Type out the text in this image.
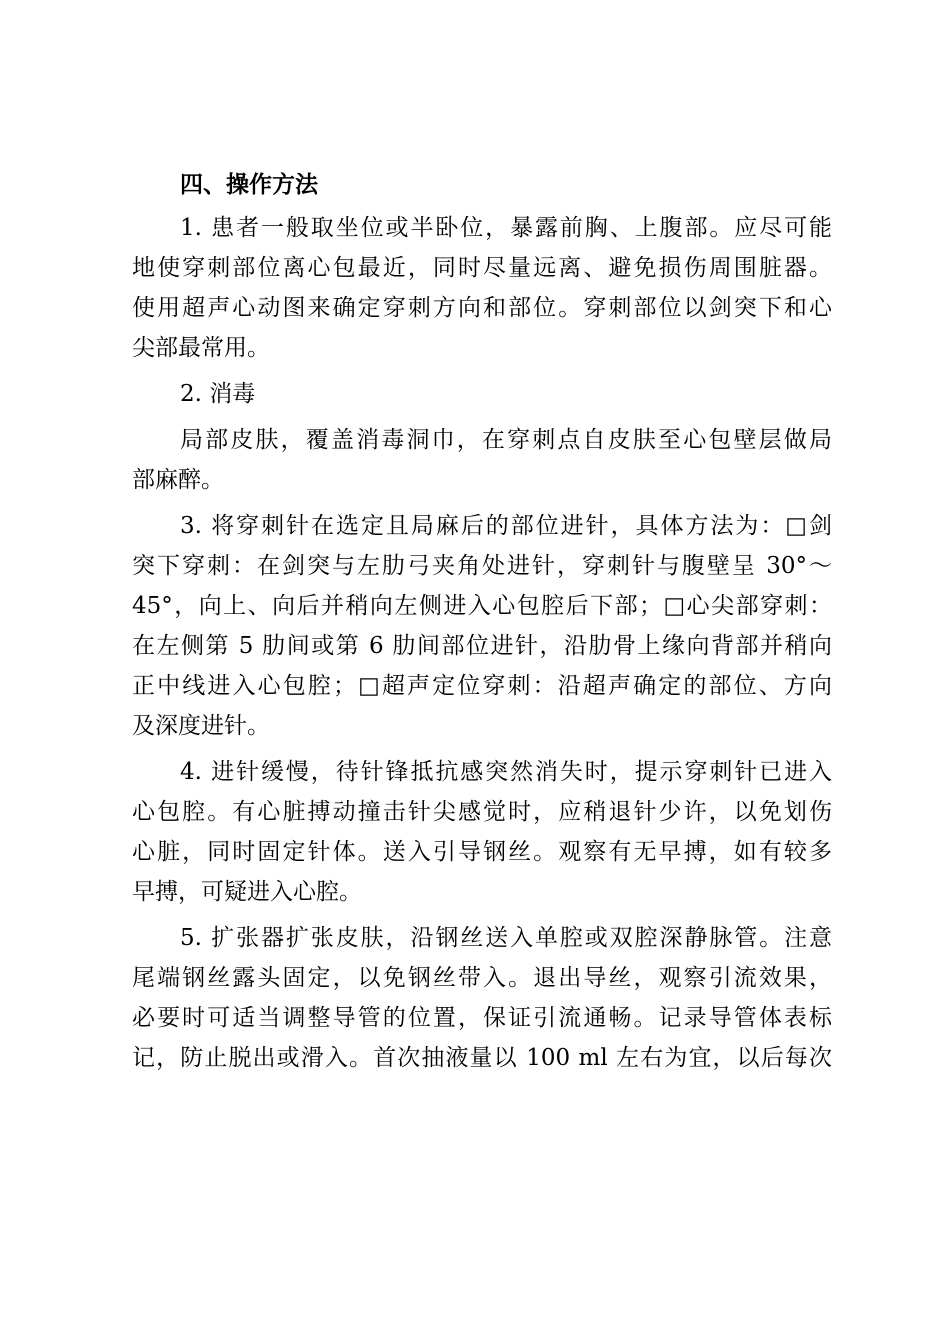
四、操作方法
1. 患者一般取坐位或半卧位，暴露前胸、上腹部。应尽可能
地使穿刺部位离心包最近，同时尽量远离、避免损伤周围脏器。
使用超声心动图来确定穿刺方向和部位。穿刺部位以剑突下和心
尖部最常用。
2. 消毒
局部皮肤，覆盖消毒洞巾，在穿刺点自皮肤至心包壁层做局
部麻醉。
3. 将穿刺针在选定且局麻后的部位进针，具体方法为：□剑
突下穿刺：在剑突与左肋弓夹角处进针，穿刺针与腹壁呈 30°～
45°，向上、向后并稍向左侧进入心包腔后下部；□心尖部穿刺：
在左侧第 5 肋间或第 6 肋间部位进针，沿肋骨上缘向背部并稍向
正中线进入心包腔；□超声定位穿刺：沿超声确定的部位、方向
及深度进针。
4. 进针缓慢，待针锋抵抗感突然消失时，提示穿刺针已进入
心包腔。有心脏搏动撞击针尖感觉时，应稍退针少许，以免划伤
心脏，同时固定针体。送入引导钢丝。观察有无早搏，如有较多
早搏，可疑进入心腔。
5. 扩张器扩张皮肤，沿钢丝送入单腔或双腔深静脉管。注意
尾端钢丝露头固定，以免钢丝带入。退出导丝，观察引流效果，
必要时可适当调整导管的位置，保证引流通畅。记录导管体表标
记，防止脱出或滑入。首次抽液量以 100 ml 左右为宜，以后每次
